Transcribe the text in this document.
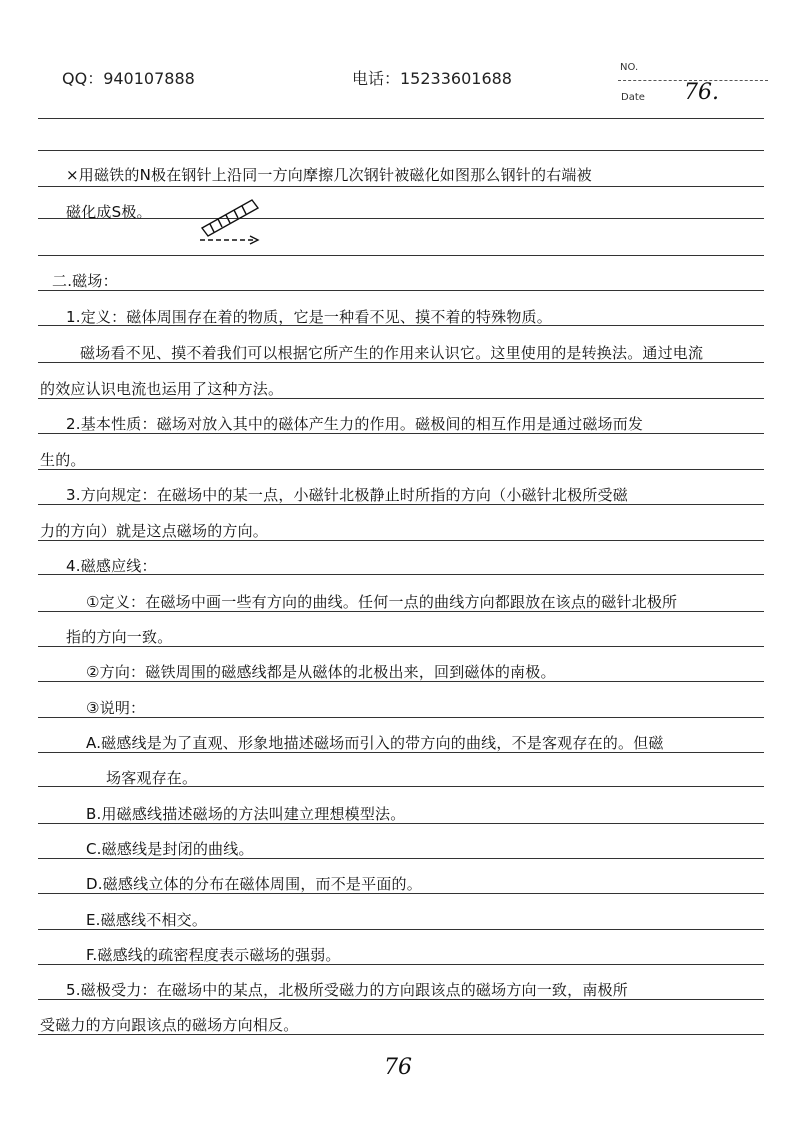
QQ：940107888	电话：15233601688
NO.
Date 76.
×用磁铁的N极在钢针上沿同一方向摩擦几次钢针被磁化如图那么钢针的右端被
磁化成S极。
二.磁场：
1.定义：磁体周围存在着的物质，它是一种看不见、摸不着的特殊物质。
磁场看不见、摸不着我们可以根据它所产生的作用来认识它。这里使用的是转换法。通过电流
的效应认识电流也运用了这种方法。
2.基本性质：磁场对放入其中的磁体产生力的作用。磁极间的相互作用是通过磁场而发
生的。
3.方向规定：在磁场中的某一点，小磁针北极静止时所指的方向（小磁针北极所受磁
力的方向）就是这点磁场的方向。
4.磁感应线：
①定义：在磁场中画一些有方向的曲线。任何一点的曲线方向都跟放在该点的磁针北极所
指的方向一致。
②方向：磁铁周围的磁感线都是从磁体的北极出来，回到磁体的南极。
③说明：
A.磁感线是为了直观、形象地描述磁场而引入的带方向的曲线，不是客观存在的。但磁
场客观存在。
B.用磁感线描述磁场的方法叫建立理想模型法。
C.磁感线是封闭的曲线。
D.磁感线立体的分布在磁体周围，而不是平面的。
E.磁感线不相交。
F.磁感线的疏密程度表示磁场的强弱。
5.磁极受力：在磁场中的某点，北极所受磁力的方向跟该点的磁场方向一致，南极所
受磁力的方向跟该点的磁场方向相反。
76
